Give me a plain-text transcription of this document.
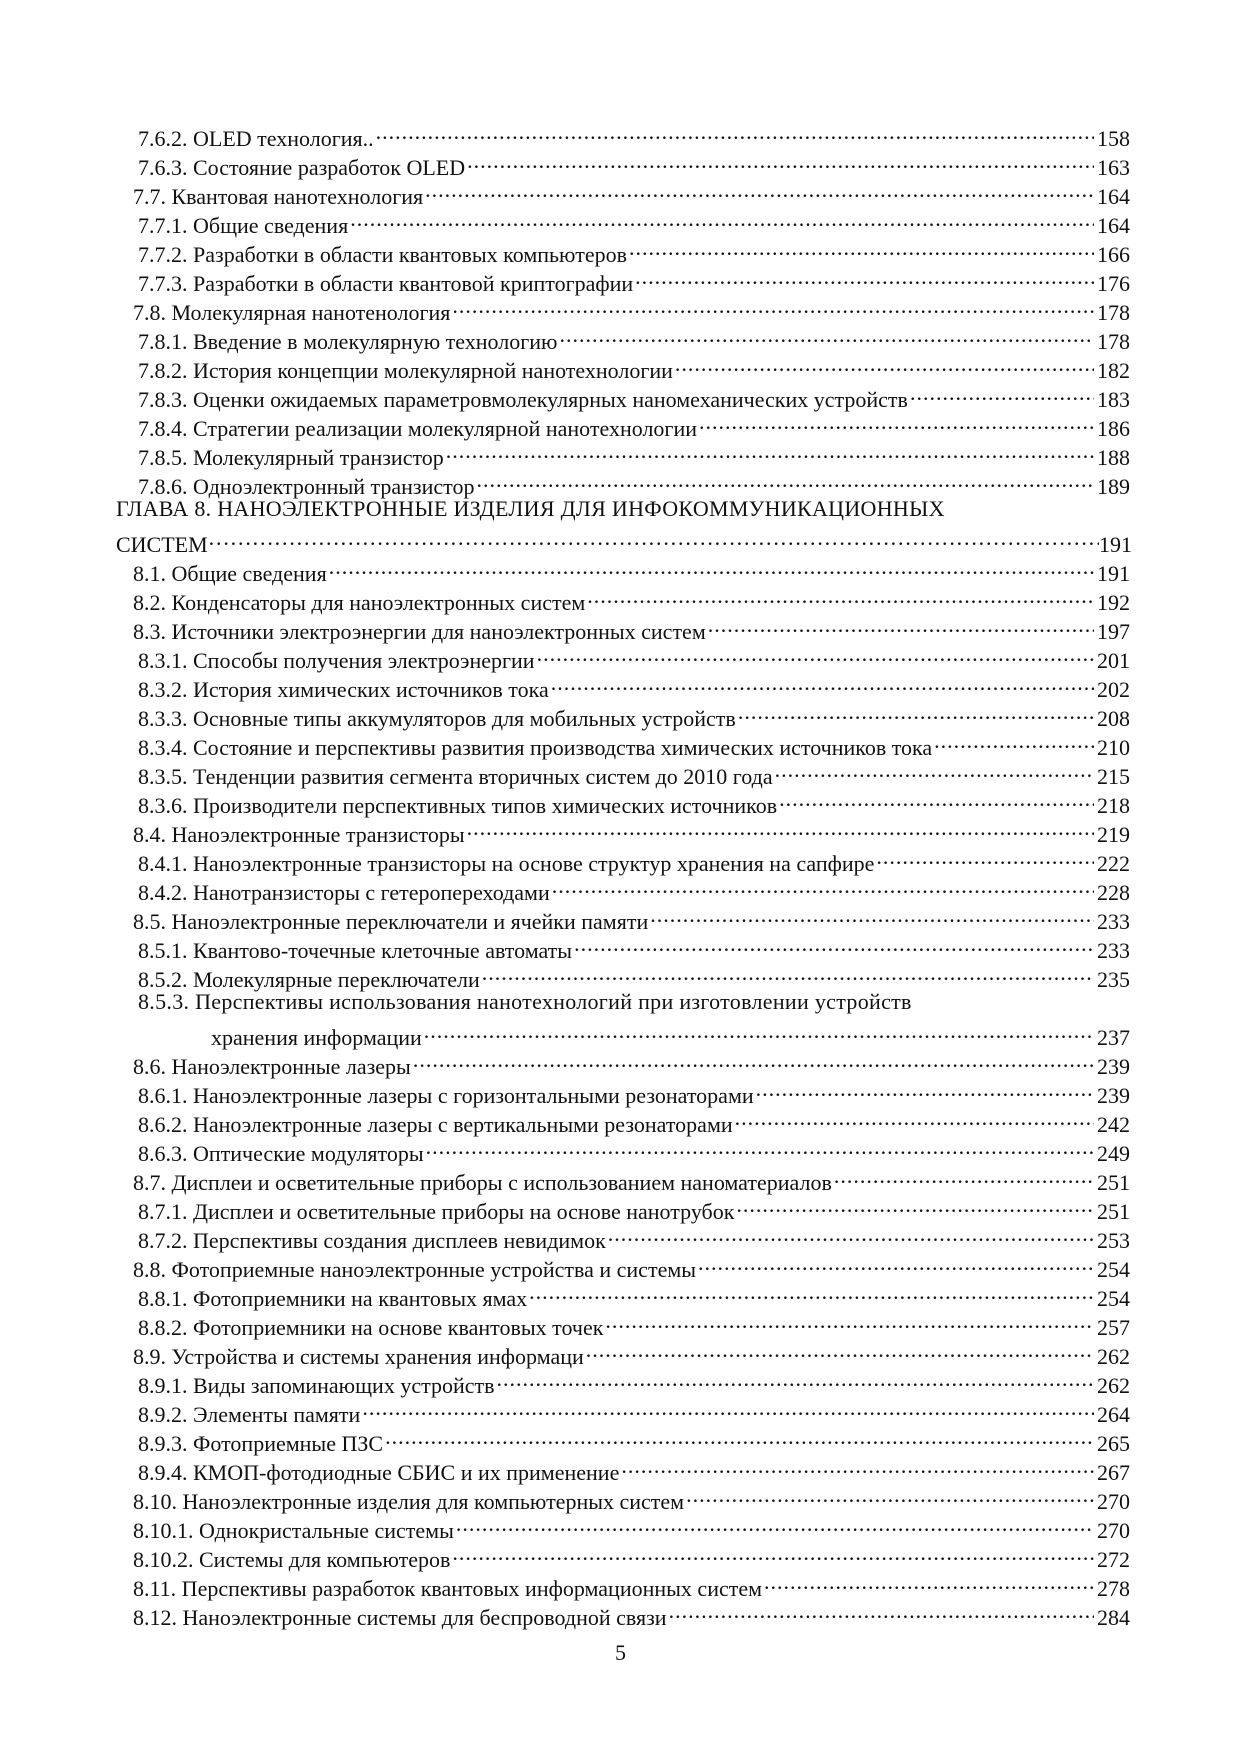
7.6.2. OLED технология.. .....	158
7.6.3. Состояние разработок OLED .....	163
7.7. Квантовая нанотехнология .....	164
7.7.1. Общие сведения .....	164
7.7.2. Разработки в области квантовых компьютеров .....	166
7.7.3. Разработки в области квантовой криптографии .....	176
7.8. Молекулярная нанотенология .....	178
7.8.1. Введение в молекулярную технологию .....	178
7.8.2. История концепции молекулярной нанотехнологии .....	182
7.8.3. Оценки ожидаемых параметровмолекулярных наномеханических устройств .....	183
7.8.4. Стратегии реализации молекулярной нанотехнологии .....	186
7.8.5. Молекулярный транзистор .....	188
7.8.6. Одноэлектронный транзистор .....	189
ГЛАВА 8. НАНОЭЛЕКТРОННЫЕ ИЗДЕЛИЯ ДЛЯ ИНФОКОММУНИКАЦИОННЫХ
СИСТЕМ …………………………………………………………………………………………………………………………………………………………………………………	191
8.1. Общие сведения .....	191
8.2. Конденсаторы для наноэлектронных систем .....	192
8.3. Источники электроэнергии для наноэлектронных систем .....	197
8.3.1. Способы получения электроэнергии .....	201
8.3.2. История химических источников тока .....	202
8.3.3. Основные типы аккумуляторов для мобильных устройств .....	208
8.3.4. Состояние и перспективы развития производства химических источников тока .....	210
8.3.5. Тенденции развития сегмента вторичных систем до 2010 года .....	215
8.3.6. Производители перспективных типов химических источников .....	218
8.4. Наноэлектронные транзисторы .....	219
8.4.1. Наноэлектронные транзисторы на основе структур хранения на сапфире .....	222
8.4.2. Нанотранзисторы с гетеропереходами .....	228
8.5. Наноэлектронные переключатели и ячейки памяти .....	233
8.5.1. Квантово-точечные клеточные автоматы .....	233
8.5.2. Молекулярные переключатели .....	235
8.5.3. Перспективы использования нанотехнологий при изготовлении устройств
хранения информации .....	237
8.6. Наноэлектронные лазеры .....	239
8.6.1. Наноэлектронные лазеры с горизонтальными резонаторами .....	239
8.6.2. Наноэлектронные лазеры с вертикальными резонаторами .....	242
8.6.3. Оптические модуляторы .....	249
8.7. Дисплеи и осветительные приборы с использованием наноматериалов .....	251
8.7.1. Дисплеи и осветительные приборы на основе нанотрубок .....	251
8.7.2. Перспективы создания дисплеев невидимок .....	253
8.8. Фотоприемные наноэлектронные устройства и системы .....	254
8.8.1. Фотоприемники на квантовых ямах .....	254
8.8.2. Фотоприемники на основе квантовых точек .....	257
8.9. Устройства и системы хранения информаци .....	262
8.9.1. Виды запоминающих устройств .....	262
8.9.2. Элементы памяти .....	264
8.9.3. Фотоприемные ПЗС .....	265
8.9.4. КМОП-фотодиодные СБИС и их применение .....	267
8.10. Наноэлектронные изделия для компьютерных систем .....	270
8.10.1. Однокристальные системы .....	270
8.10.2. Системы для компьютеров .....	272
8.11. Перспективы разработок квантовых информационных систем .....	278
8.12. Наноэлектронные системы для беспроводной связи .....	284
5
